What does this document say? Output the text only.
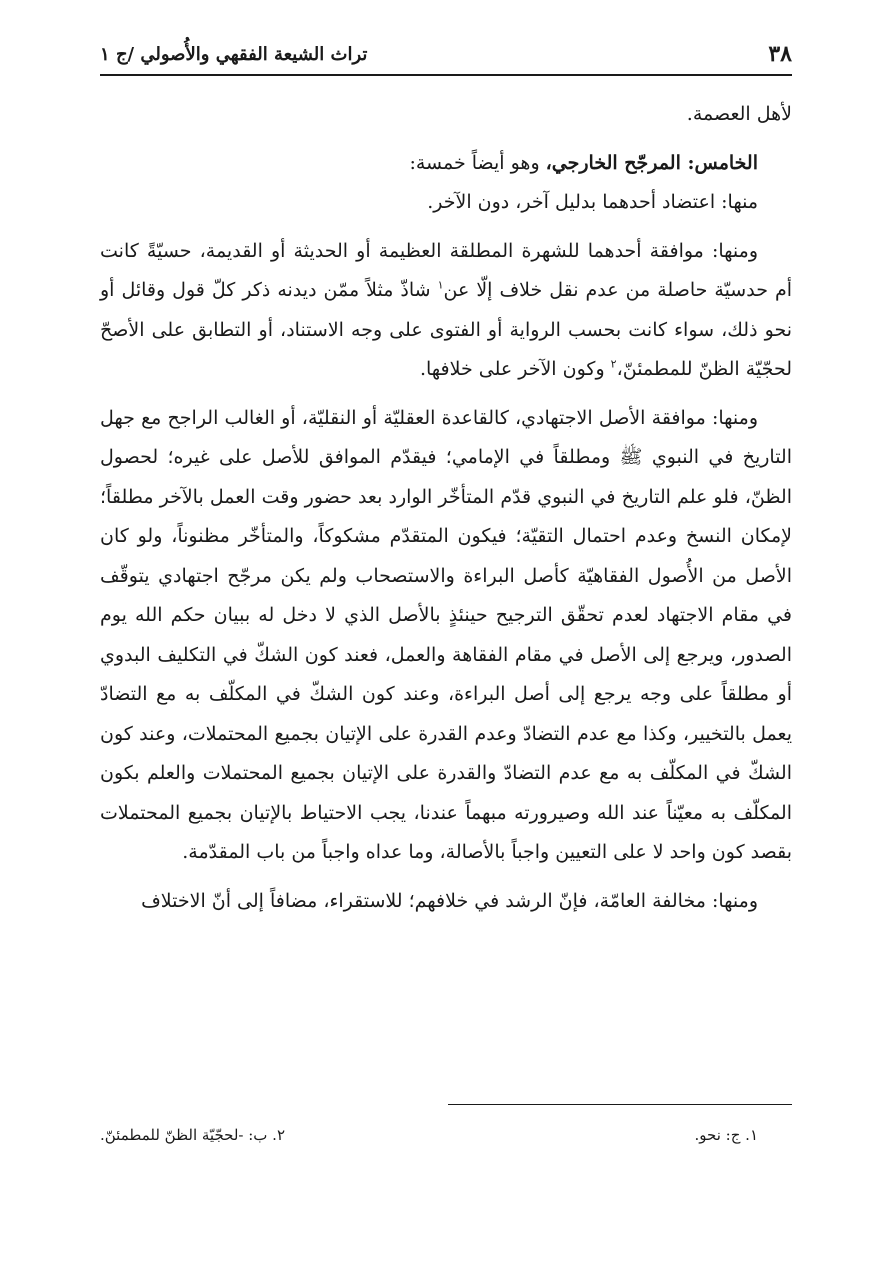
٣٨
تراث الشيعة الفقهي والأُصولي /ج ١

لأهل العصمة.

الخامس: المرجّح الخارجي، وهو أيضاً خمسة:

منها: اعتضاد أحدهما بدليل آخر، دون الآخر.

ومنها: موافقة أحدهما للشهرة المطلقة العظيمة أو الحديثة أو القديمة، حسيّةً كانت أم حدسيّة حاصلة من عدم نقل خلاف إلّا عن$^١$ شاذّ مثلاً ممّن ديدنه ذكر كلّ قول وقائل أو نحو ذلك، سواء كانت بحسب الرواية أو الفتوى على وجه الاستناد، أو التطابق على الأصحّ لحجّيّة الظنّ للمطمئنّ،$^٢$ وكون الآخر على خلافها.

ومنها: موافقة الأصل الاجتهادي، كالقاعدة العقليّة أو النقليّة، أو الغالب الراجح مع جهل التاريخ في النبوي ﷺ ومطلقاً في الإمامي؛ فيقدّم الموافق للأصل على غيره؛ لحصول الظنّ، فلو علم التاريخ في النبوي قدّم المتأخّر الوارد بعد حضور وقت العمل بالآخر مطلقاً؛ لإمكان النسخ وعدم احتمال التقيّة؛ فيكون المتقدّم مشكوكاً، والمتأخّر مظنوناً، ولو كان الأصل من الأُصول الفقاهيّة كأصل البراءة والاستصحاب ولم يكن مرجّح اجتهادي يتوقّف في مقام الاجتهاد لعدم تحقّق الترجيح حينئذٍ بالأصل الذي لا دخل له ببيان حكم الله يوم الصدور، ويرجع إلى الأصل في مقام الفقاهة والعمل، فعند كون الشكّ في التكليف البدوي أو مطلقاً على وجه يرجع إلى أصل البراءة، وعند كون الشكّ في المكلّف به مع التضادّ يعمل بالتخيير، وكذا مع عدم التضادّ وعدم القدرة على الإتيان بجميع المحتملات، وعند كون الشكّ في المكلّف به مع عدم التضادّ والقدرة على الإتيان بجميع المحتملات والعلم بكون المكلّف به معيّناً عند الله وصيرورته مبهماً عندنا، يجب الاحتياط بالإتيان بجميع المحتملات بقصد كون واحد لا على التعيين واجباً بالأصالة، وما عداه واجباً من باب المقدّمة.

ومنها: مخالفة العامّة، فإنّ الرشد في خلافهم؛ للاستقراء، مضافاً إلى أنّ الاختلاف

١. ج: نحو.
٢. ب: -لحجّيّة الظنّ للمطمئنّ.
